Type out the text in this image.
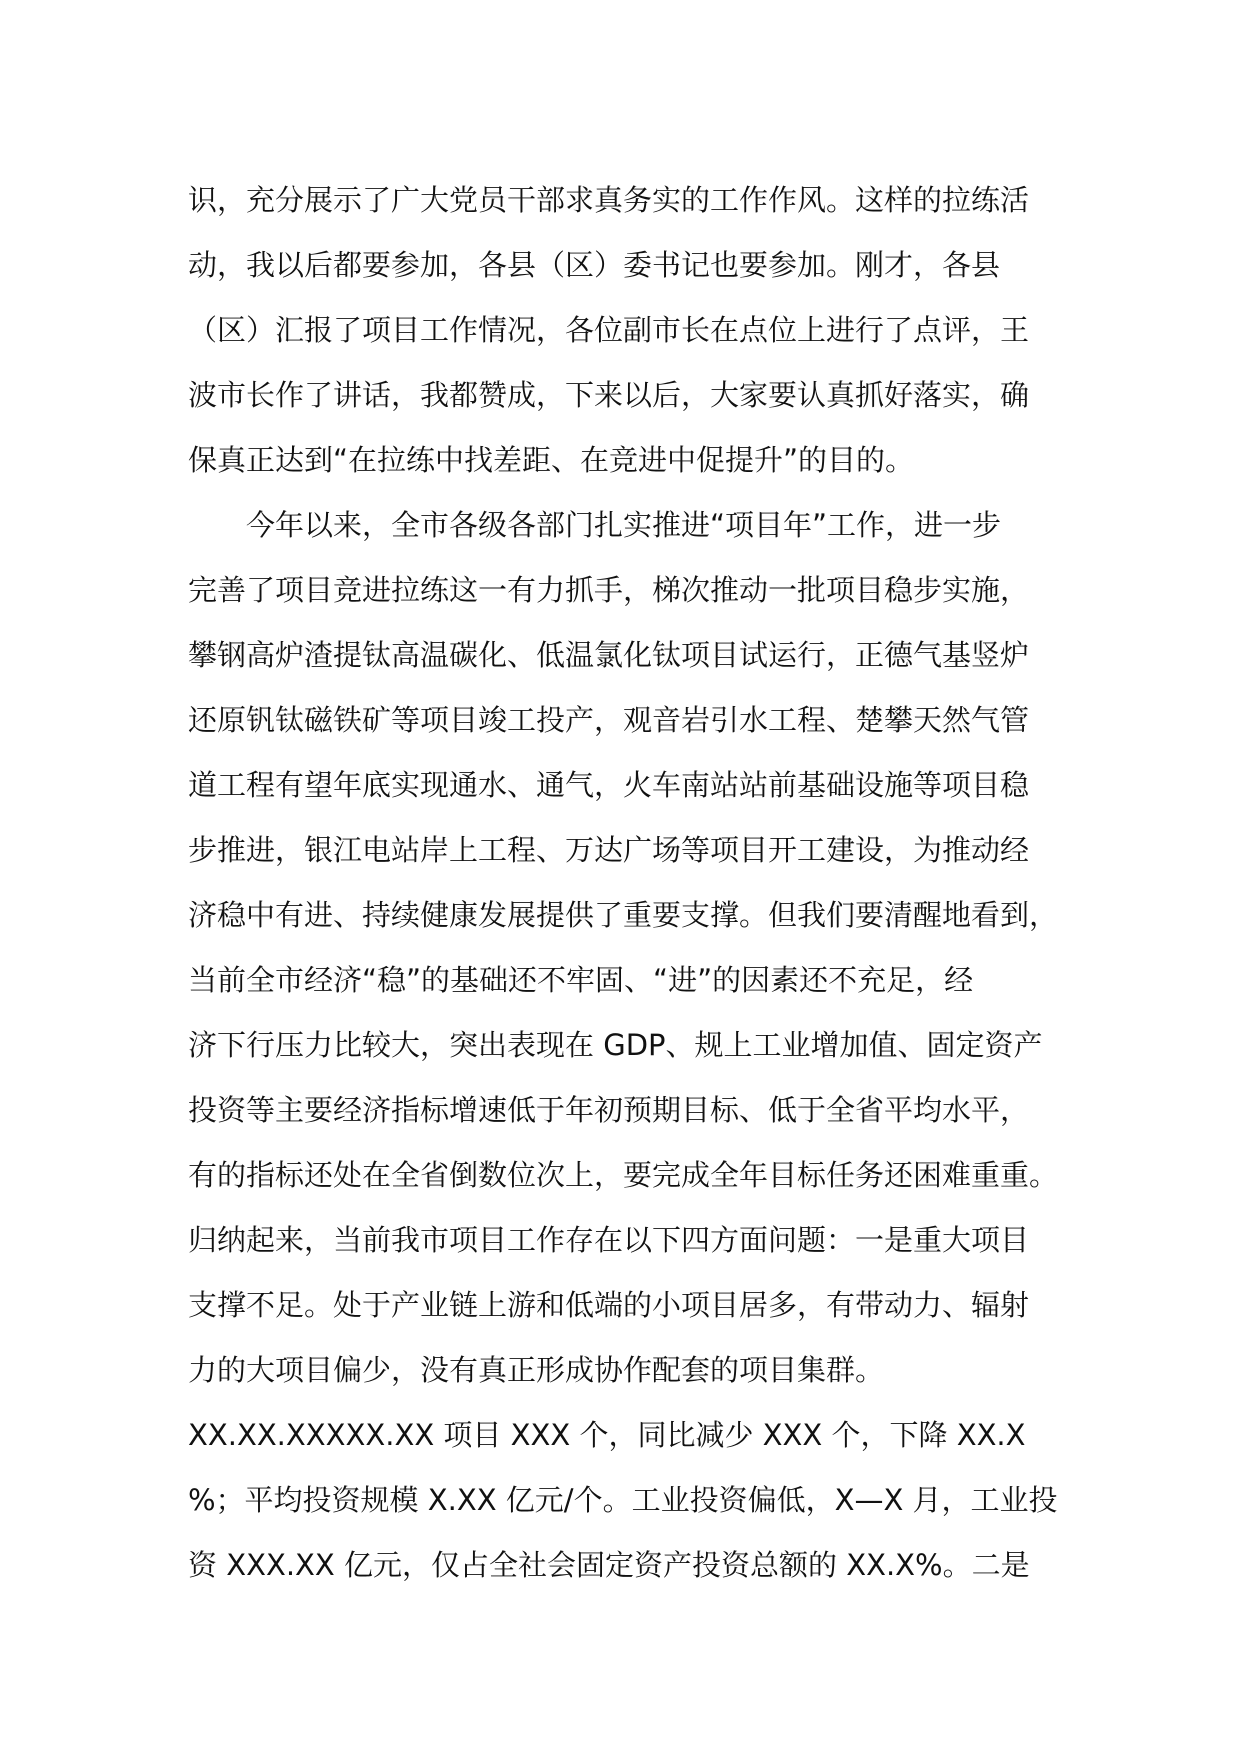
识，充分展示了广大党员干部求真务实的工作作风。这样的拉练活
动，我以后都要参加，各县（区）委书记也要参加。刚才，各县
（区）汇报了项目工作情况，各位副市长在点位上进行了点评，王
波市长作了讲话，我都赞成，下来以后，大家要认真抓好落实，确
保真正达到“在拉练中找差距、在竞进中促提升”的目的。
今年以来，全市各级各部门扎实推进“项目年”工作，进一步
完善了项目竞进拉练这一有力抓手，梯次推动一批项目稳步实施，
攀钢高炉渣提钛高温碳化、低温氯化钛项目试运行，正德气基竖炉
还原钒钛磁铁矿等项目竣工投产，观音岩引水工程、楚攀天然气管
道工程有望年底实现通水、通气，火车南站站前基础设施等项目稳
步推进，银江电站岸上工程、万达广场等项目开工建设，为推动经
济稳中有进、持续健康发展提供了重要支撑。但我们要清醒地看到，
当前全市经济“稳”的基础还不牢固、“进”的因素还不充足，经
济下行压力比较大，突出表现在 GDP、规上工业增加值、固定资产
投资等主要经济指标增速低于年初预期目标、低于全省平均水平，
有的指标还处在全省倒数位次上，要完成全年目标任务还困难重重。
归纳起来，当前我市项目工作存在以下四方面问题：一是重大项目
支撑不足。处于产业链上游和低端的小项目居多，有带动力、辐射
力的大项目偏少，没有真正形成协作配套的项目集群。
XX.XX.XXXXX.XX 项目 XXX 个，同比减少 XXX 个，下降 XX.X
%；平均投资规模 X.XX 亿元/个。工业投资偏低，X—X 月，工业投
资 XXX.XX 亿元，仅占全社会固定资产投资总额的 XX.X%。二是
